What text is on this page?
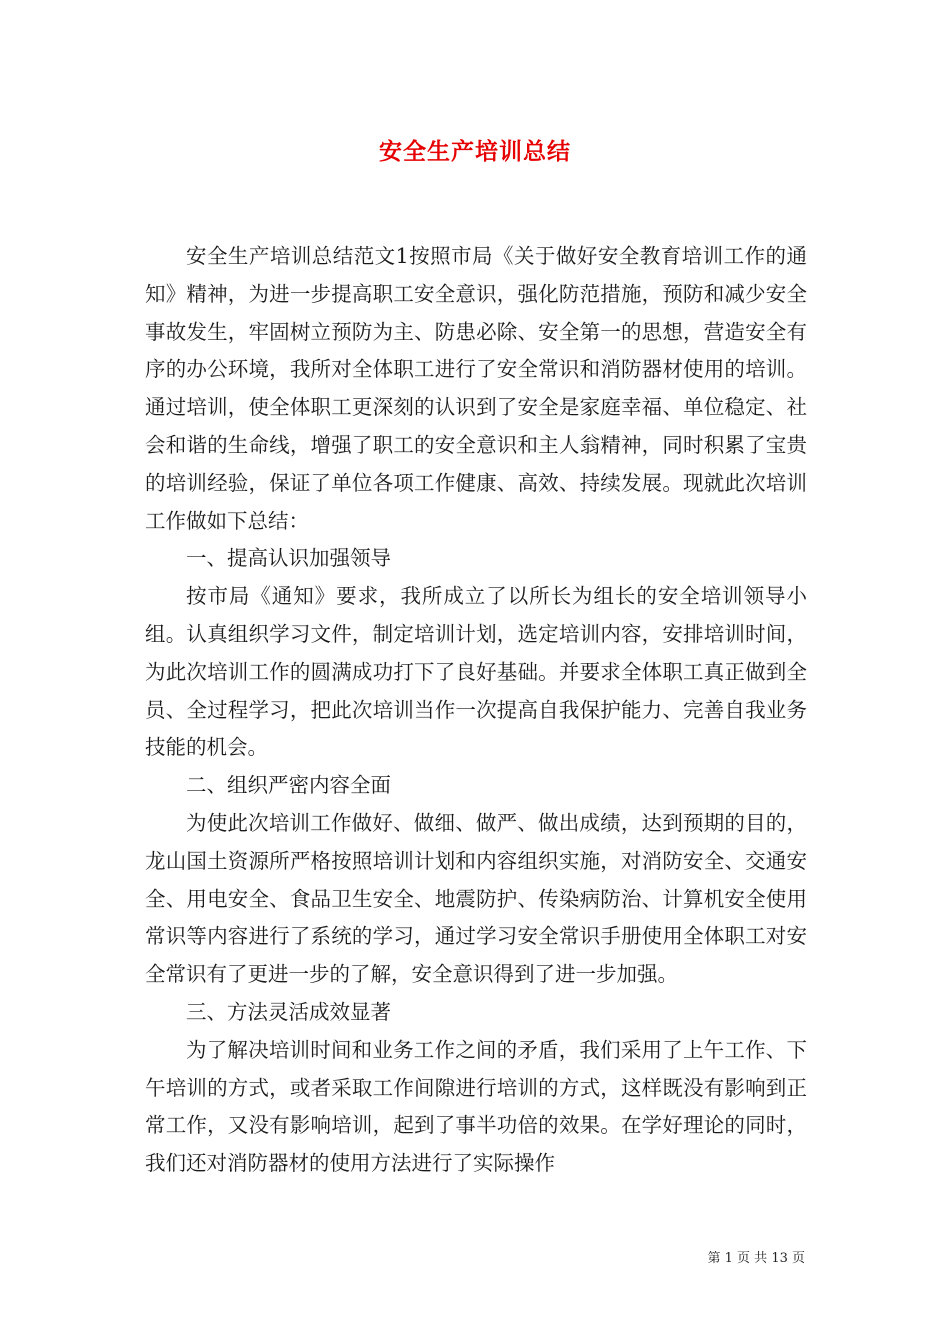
安全生产培训总结

安全生产培训总结范文1按照市局《关于做好安全教育培训工作的通知》精神，为进一步提高职工安全意识，强化防范措施，预防和减少安全事故发生，牢固树立预防为主、防患必除、安全第一的思想，营造安全有序的办公环境，我所对全体职工进行了安全常识和消防器材使用的培训。通过培训，使全体职工更深刻的认识到了安全是家庭幸福、单位稳定、社会和谐的生命线，增强了职工的安全意识和主人翁精神，同时积累了宝贵的培训经验，保证了单位各项工作健康、高效、持续发展。现就此次培训工作做如下总结：

一、提高认识加强领导

按市局《通知》要求，我所成立了以所长为组长的安全培训领导小组。认真组织学习文件，制定培训计划，选定培训内容，安排培训时间，为此次培训工作的圆满成功打下了良好基础。并要求全体职工真正做到全员、全过程学习，把此次培训当作一次提高自我保护能力、完善自我业务技能的机会。

二、组织严密内容全面

为使此次培训工作做好、做细、做严、做出成绩，达到预期的目的，龙山国土资源所严格按照培训计划和内容组织实施，对消防安全、交通安全、用电安全、食品卫生安全、地震防护、传染病防治、计算机安全使用常识等内容进行了系统的学习，通过学习安全常识手册使用全体职工对安全常识有了更进一步的了解，安全意识得到了进一步加强。

三、方法灵活成效显著

为了解决培训时间和业务工作之间的矛盾，我们采用了上午工作、下午培训的方式，或者采取工作间隙进行培训的方式，这样既没有影响到正常工作，又没有影响培训，起到了事半功倍的效果。在学好理论的同时，我们还对消防器材的使用方法进行了实际操作

第 1 页 共 13 页
